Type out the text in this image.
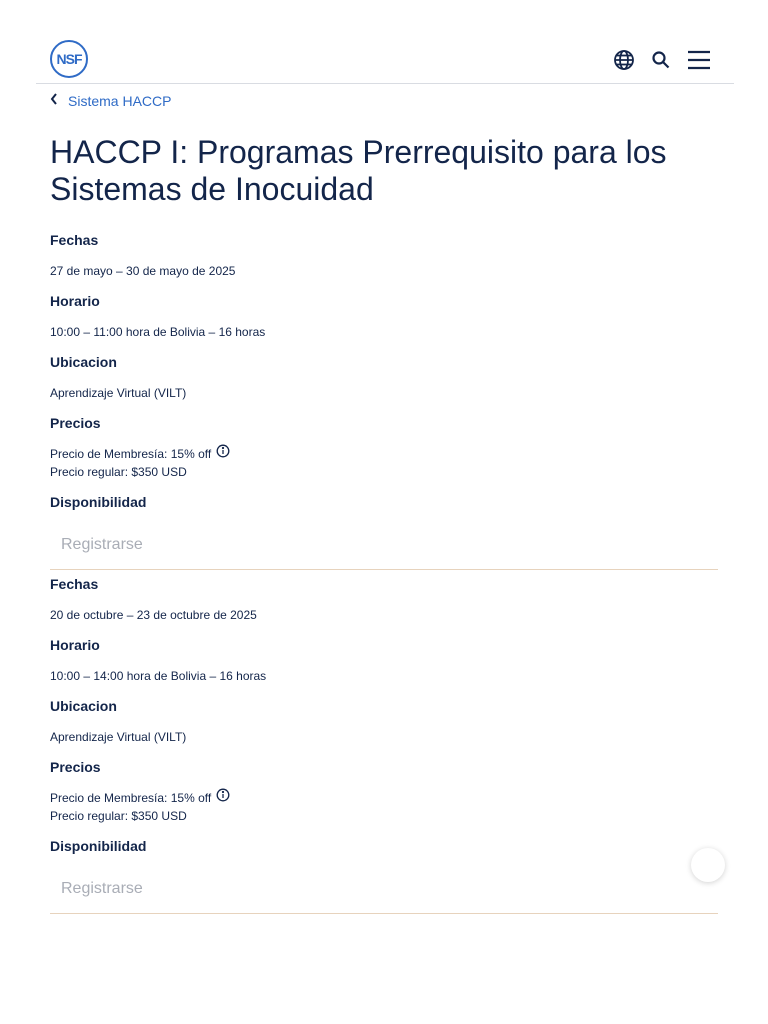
NSF
Sistema HACCP
HACCP I: Programas Prerrequisito para los Sistemas de Inocuidad
Fechas
27 de mayo – 30 de mayo de 2025
Horario
10:00 – 11:00 hora de Bolivia – 16 horas
Ubicacion
Aprendizaje Virtual (VILT)
Precios
Precio de Membresía: 15% off
Precio regular: $350 USD
Disponibilidad
Registrarse
Fechas
20 de octubre – 23 de octubre de 2025
Horario
10:00 – 14:00 hora de Bolivia – 16 horas
Ubicacion
Aprendizaje Virtual (VILT)
Precios
Precio de Membresía: 15% off
Precio regular: $350 USD
Disponibilidad
Registrarse
